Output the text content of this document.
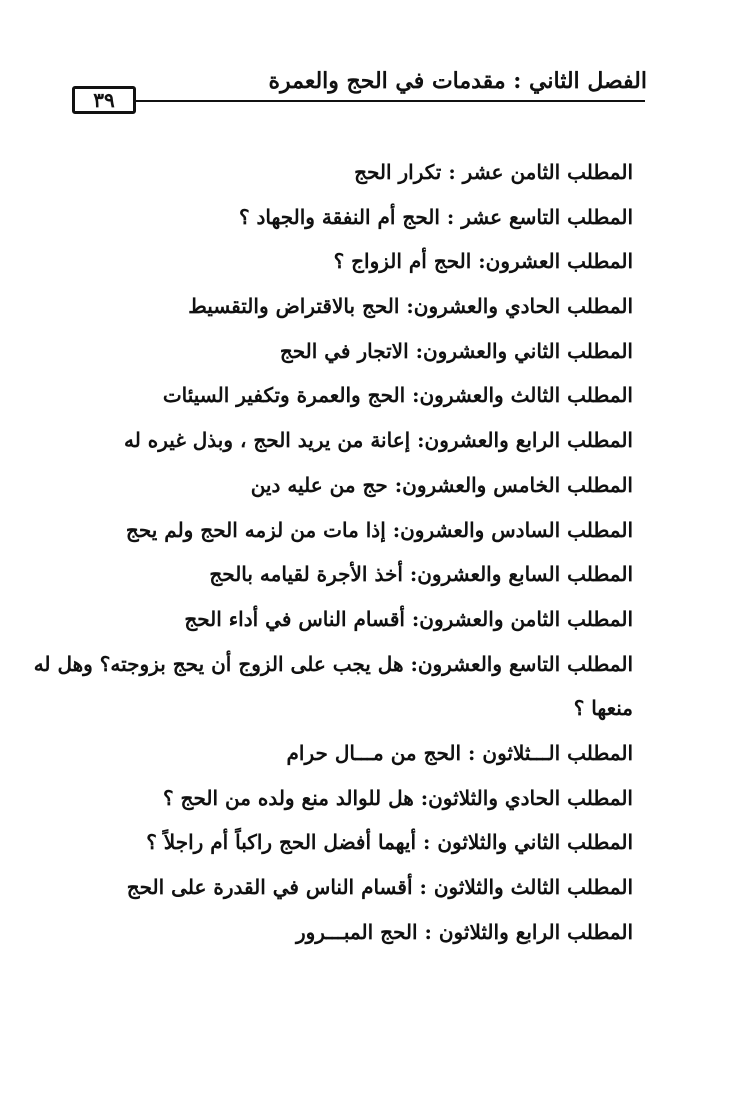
الفصل الثاني : مقدمات في الحج والعمرة
٣٩
المطلب الثامن عشر : تكرار الحج
المطلب التاسع عشر : الحج أم النفقة والجهاد ؟
المطلب العشرون: الحج أم الزواج ؟
المطلب الحادي والعشرون: الحج بالاقتراض والتقسيط
المطلب الثاني والعشرون: الاتجار في الحج
المطلب الثالث والعشرون: الحج والعمرة وتكفير السيئات
المطلب الرابع والعشرون: إعانة من يريد الحج ، وبذل غيره له
المطلب الخامس والعشرون: حج من عليه دين
المطلب السادس والعشرون: إذا مات من لزمه الحج ولم يحج
المطلب السابع والعشرون: أخذ الأجرة لقيامه بالحج
المطلب الثامن والعشرون: أقسام الناس في أداء الحج
المطلب التاسع والعشرون: هل يجب على الزوج أن يحج بزوجته؟ وهل له
منعها ؟
المطلب الـــثلاثون : الحج من مـــال حرام
المطلب الحادي والثلاثون: هل للوالد منع ولده من الحج ؟
المطلب الثاني والثلاثون : أيهما أفضل الحج راكباً أم راجلاً ؟
المطلب الثالث والثلاثون : أقسام الناس في القدرة على الحج
المطلب الرابع والثلاثون : الحج المبـــرور
